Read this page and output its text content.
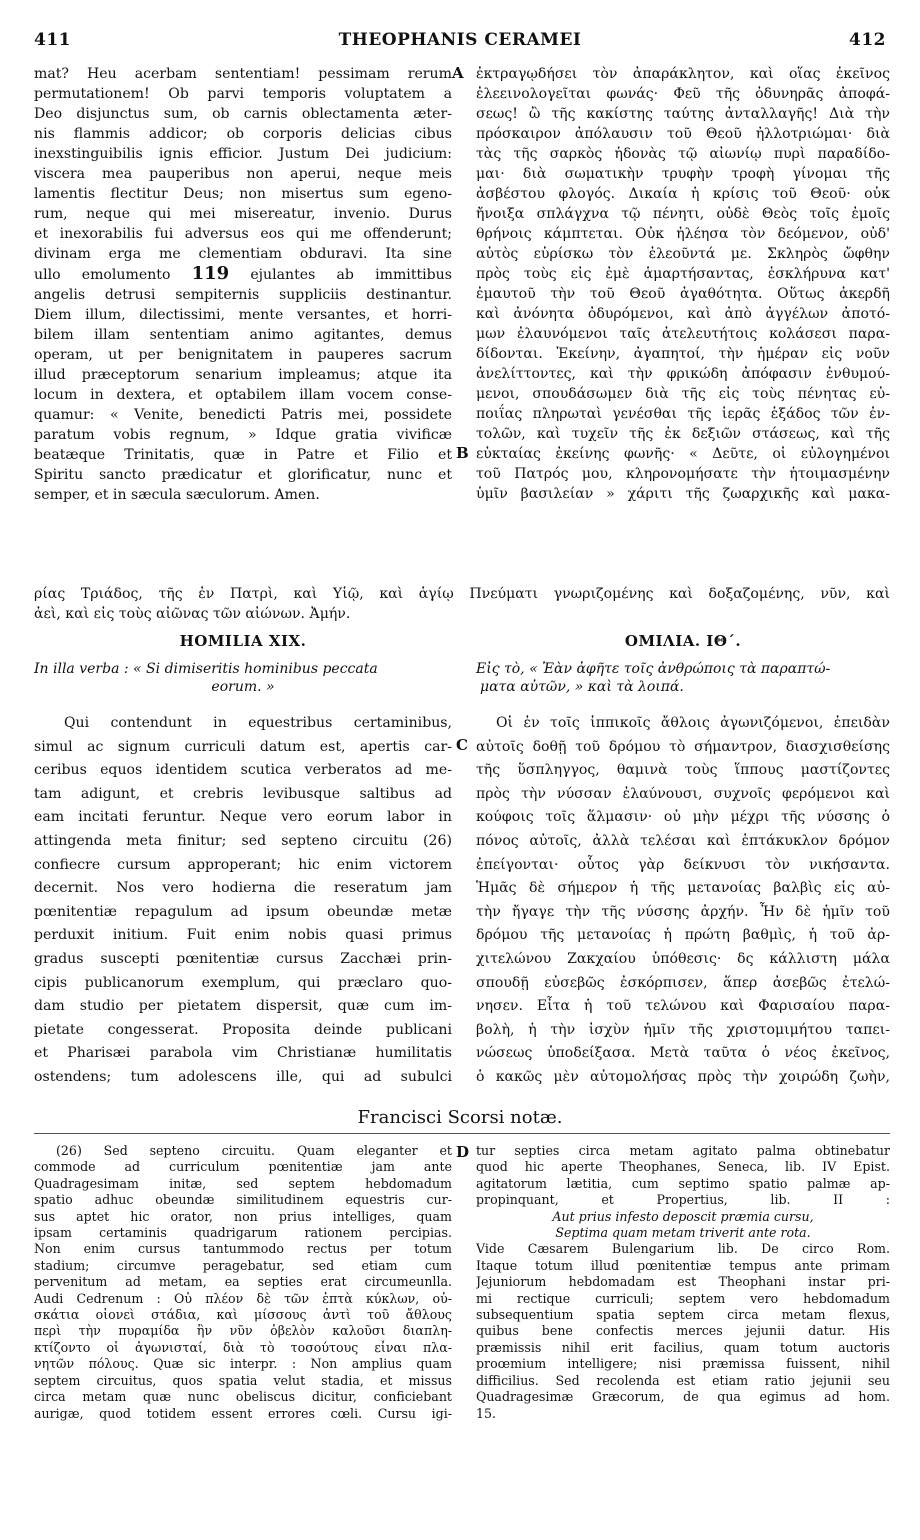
411	THEOPHANIS CERAMEI	412
mat? Heu acerbam sententiam! pessimam rerum
permutationem! Ob parvi temporis voluptatem a
Deo disjunctus sum, ob carnis oblectamenta æter-
nis flammis addicor; ob corporis delicias cibus
inexstinguibilis ignis efficior. Justum Dei judicium:
viscera mea pauperibus non aperui, neque meis
lamentis flectitur Deus; non misertus sum egeno-
rum, neque qui mei misereatur, invenio. Durus
et inexorabilis fui adversus eos qui me offenderunt;
divinam erga me clementiam obduravi. Ita sine
ullo emolumento 119 ejulantes ab immittibus
angelis detrusi sempiternis suppliciis destinantur.
Diem illum, dilectissimi, mente versantes, et horri-
bilem illam sententiam animo agitantes, demus
operam, ut per benignitatem in pauperes sacrum
illud præceptorum senarium impleamus; atque ita
locum in dextera, et optabilem illam vocem conse-
quamur: « Venite, benedicti Patris mei, possidete
paratum vobis regnum, » Idque gratia vivificæ
beatæque Trinitatis, quæ in Patre et Filio et
Spiritu sancto prædicatur et glorificatur, nunc et
semper, et in sæcula sæculorum. Amen.
ἐκτραγῳδήσει τὸν ἀπαράκλητον, καὶ οἵας ἐκεῖνος
ἐλεεινολογεῖται φωνάς· Φεῦ τῆς ὀδυνηρᾶς ἀποφά-
σεως! ὢ τῆς κακίστης ταύτης ἀνταλλαγῆς! Διὰ τὴν
πρόσκαιρον ἀπόλαυσιν τοῦ Θεοῦ ἠλλοτριώμαι· διὰ
τὰς τῆς σαρκὸς ἡδονὰς τῷ αἰωνίῳ πυρὶ παραδίδο-
μαι· διὰ σωματικὴν τρυφὴν τροφὴ γίνομαι τῆς
ἀσβέστου φλογός. Δικαία ἡ κρίσις τοῦ Θεοῦ· οὐκ
ἤνοιξα σπλάγχνα τῷ πένητι, οὐδὲ Θεὸς τοῖς ἐμοῖς
θρήνοις κάμπτεται. Οὐκ ἠλέησα τὸν δεόμενον, οὐδ'
αὐτὸς εὑρίσκω τὸν ἐλεοῦντά με. Σκληρὸς ὤφθην
πρὸς τοὺς εἰς ἐμὲ ἁμαρτήσαντας, ἐσκλήρυνα κατ'
ἐμαυτοῦ τὴν τοῦ Θεοῦ ἀγαθότητα. Οὕτως ἀκερδῆ
καὶ ἀνόνητα ὀδυρόμενοι, καὶ ἀπὸ ἀγγέλων ἀποτό-
μων ἐλαυνόμενοι ταῖς ἀτελευτήτοις κολάσεσι παρα-
δίδονται. Ἐκείνην, ἀγαπητοί, τὴν ἡμέραν εἰς νοῦν
ἀνελίττοντες, καὶ τὴν φρικώδη ἀπόφασιν ἐνθυμού-
μενοι, σπουδάσωμεν διὰ τῆς εἰς τοὺς πένητας εὐ-
ποιΐας πληρωταὶ γενέσθαι τῆς ἱερᾶς ἑξάδος τῶν ἐν-
τολῶν, καὶ τυχεῖν τῆς ἐκ δεξιῶν στάσεως, καὶ τῆς
εὐκταίας ἐκείνης φωνῆς· « Δεῦτε, οἱ εὐλογημένοι
τοῦ Πατρός μου, κληρονομήσατε τὴν ἡτοιμασμένην
ὑμῖν βασιλείαν » χάριτι τῆς ζωαρχικῆς καὶ μακα-
A
B
C
D
ρίας Τριάδος, τῆς ἐν Πατρὶ, καὶ Υἱῷ, καὶ ἁγίῳ Πνεύματι γνωριζομένης καὶ δοξαζομένης, νῦν, καὶ
ἀεὶ, καὶ εἰς τοὺς αἰῶνας τῶν αἰώνων. Ἀμήν.
HOMILIA XIX.
In illa verba : « Si dimiseritis hominibus peccata
eorum. »
ΟΜΙΛΙΑ. ΙΘ΄.
Εἰς τὸ, « Ἐὰν ἀφῆτε τοῖς ἀνθρώποις τὰ παραπτώ-
ματα αὐτῶν, » καὶ τὰ λοιπά.
Qui contendunt in equestribus certaminibus,
simul ac signum curriculi datum est, apertis car-
ceribus equos identidem scutica verberatos ad me-
tam adigunt, et crebris levibusque saltibus ad
eam incitati feruntur. Neque vero eorum labor in
attingenda meta finitur; sed septeno circuitu (26)
confiecre cursum approperant; hic enim victorem
decernit. Nos vero hodierna die reseratum jam
pœnitentiæ repagulum ad ipsum obeundæ metæ
perduxit initium. Fuit enim nobis quasi primus
gradus suscepti pœnitentiæ cursus Zacchæi prin-
cipis publicanorum exemplum, qui præclaro quo-
dam studio per pietatem dispersit, quæ cum im-
pietate congesserat. Proposita deinde publicani
et Pharisæi parabola vim Christianæ humilitatis
ostendens; tum adolescens ille, qui ad subulci
Οἱ ἐν τοῖς ἱππικοῖς ἄθλοις ἀγωνιζόμενοι, ἐπειδὰν
αὐτοῖς δοθῇ τοῦ δρόμου τὸ σήμαντρον, διασχισθείσης
τῆς ὕσπληγγος, θαμινὰ τοὺς ἵππους μαστίζοντες
πρὸς τὴν νύσσαν ἐλαύνουσι, συχνοῖς φερόμενοι καὶ
κούφοις τοῖς ἅλμασιν· οὐ μὴν μέχρι τῆς νύσσης ὁ
πόνος αὐτοῖς, ἀλλὰ τελέσαι καὶ ἑπτάκυκλον δρόμον
ἐπείγονται· οὗτος γὰρ δείκνυσι τὸν νικήσαντα.
Ἡμᾶς δὲ σήμερον ἡ τῆς μετανοίας βαλβὶς εἰς αὐ-
τὴν ἤγαγε τὴν τῆς νύσσης ἀρχήν. Ἦν δὲ ἡμῖν τοῦ
δρόμου τῆς μετανοίας ἡ πρώτη βαθμὶς, ἡ τοῦ ἀρ-
χιτελώνου Ζακχαίου ὑπόθεσις· δς κάλλιστη μάλα
σπουδῇ εὐσεβῶς ἐσκόρπισεν, ἅπερ ἀσεβῶς ἐτελώ-
νησεν. Εἶτα ἡ τοῦ τελώνου καὶ Φαρισαίου παρα-
βολὴ, ἡ τὴν ἰσχὺν ἡμῖν τῆς χριστομιμήτου ταπει-
νώσεως ὑποδείξασα. Μετὰ ταῦτα ὁ νέος ἐκεῖνος,
ὁ κακῶς μὲν αὐτομολήσας πρὸς τὴν χοιρώδη ζωὴν,
Francisci Scorsi notæ.
(26) Sed septeno circuitu. Quam eleganter et
commode ad curriculum pœnitentiæ jam ante
Quadragesimam initæ, sed septem hebdomadum
spatio adhuc obeundæ similitudinem equestris cur-
sus aptet hic orator, non prius intelliges, quam
ipsam certaminis quadrigarum rationem percipias.
Non enim cursus tantummodo rectus per totum
stadium; circumve peragebatur, sed etiam cum
pervenitum ad metam, ea septies erat circumeunlla.
Audi Cedrenum : Οὐ πλέον δὲ τῶν ἑπτὰ κύκλων, οὐ-
σκάτια οἱονεὶ στάδια, καὶ μίσσους ἀντὶ τοῦ ἄθλους
περὶ τὴν πυραμίδα ἣν νῦν ὀβελὸν καλοῦσι διαπλη-
κτίζοντο οἱ ἀγωνισταί, διὰ τὸ τοσούτους εἶναι πλα-
νητῶν πόλους. Quæ sic interpr. : Non amplius quam
septem circuitus, quos spatia velut stadia, et missus
circa metam quæ nunc obeliscus dicitur, conficiebant
aurigæ, quod totidem essent errores cœli. Cursu igi-
tur septies circa metam agitato palma obtinebatur
quod hic aperte Theophanes, Seneca, lib. IV Epist.
agitatorum lætitia, cum septimo spatio palmæ ap-
propinquant, et Propertius, lib. II :
Aut prius infesto deposcit præmia cursu,
Septima quam metam triverit ante rota.
Vide Cæsarem Bulengarium lib. De circo Rom.
Itaque totum illud pœnitentiæ tempus ante primam
Jejuniorum hebdomadam est Theophani instar pri-
mi rectique curriculi; septem vero hebdomadum
subsequentium spatia septem circa metam flexus,
quibus bene confectis merces jejunii datur. His
præmissis nihil erit facilius, quam totum auctoris
proœmium intelligere; nisi præmissa fuissent, nihil
difficilius. Sed recolenda est etiam ratio jejunii seu
Quadragesimæ Græcorum, de qua egimus ad hom.
15.
